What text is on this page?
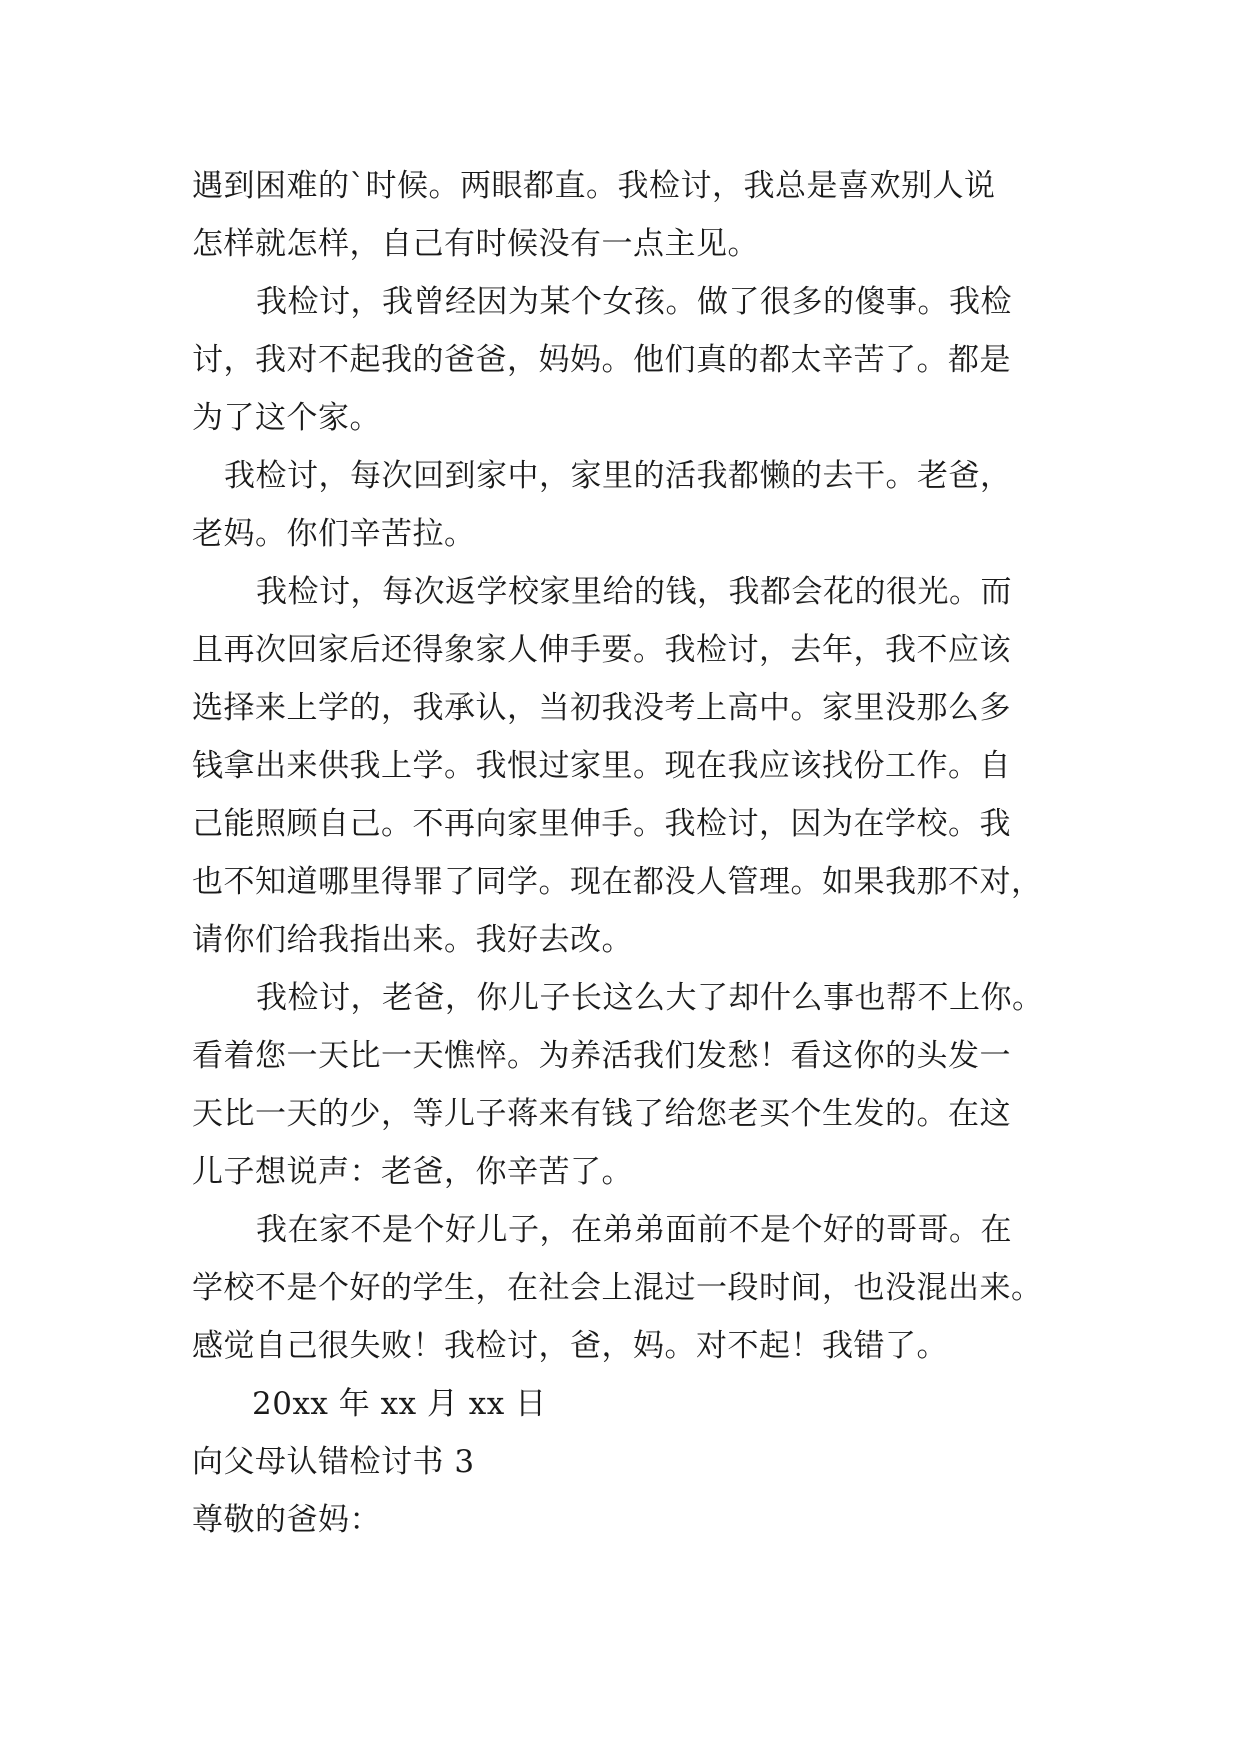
遇到困难的`时候。两眼都直。我检讨，我总是喜欢别人说
怎样就怎样，自己有时候没有一点主见。
我检讨，我曾经因为某个女孩。做了很多的傻事。我检
讨，我对不起我的爸爸，妈妈。他们真的都太辛苦了。都是
为了这个家。
我检讨，每次回到家中，家里的活我都懒的去干。老爸，
老妈。你们辛苦拉。
我检讨，每次返学校家里给的钱，我都会花的很光。而
且再次回家后还得象家人伸手要。我检讨，去年，我不应该
选择来上学的，我承认，当初我没考上高中。家里没那么多
钱拿出来供我上学。我恨过家里。现在我应该找份工作。自
己能照顾自己。不再向家里伸手。我检讨，因为在学校。我
也不知道哪里得罪了同学。现在都没人管理。如果我那不对，
请你们给我指出来。我好去改。
我检讨，老爸，你儿子长这么大了却什么事也帮不上你。
看着您一天比一天憔悴。为养活我们发愁！看这你的头发一
天比一天的少，等儿子蒋来有钱了给您老买个生发的。在这
儿子想说声：老爸，你辛苦了。
我在家不是个好儿子，在弟弟面前不是个好的哥哥。在
学校不是个好的学生，在社会上混过一段时间，也没混出来。
感觉自己很失败！我检讨，爸，妈。对不起！我错了。
20xx 年 xx 月 xx 日
向父母认错检讨书 3
尊敬的爸妈：
